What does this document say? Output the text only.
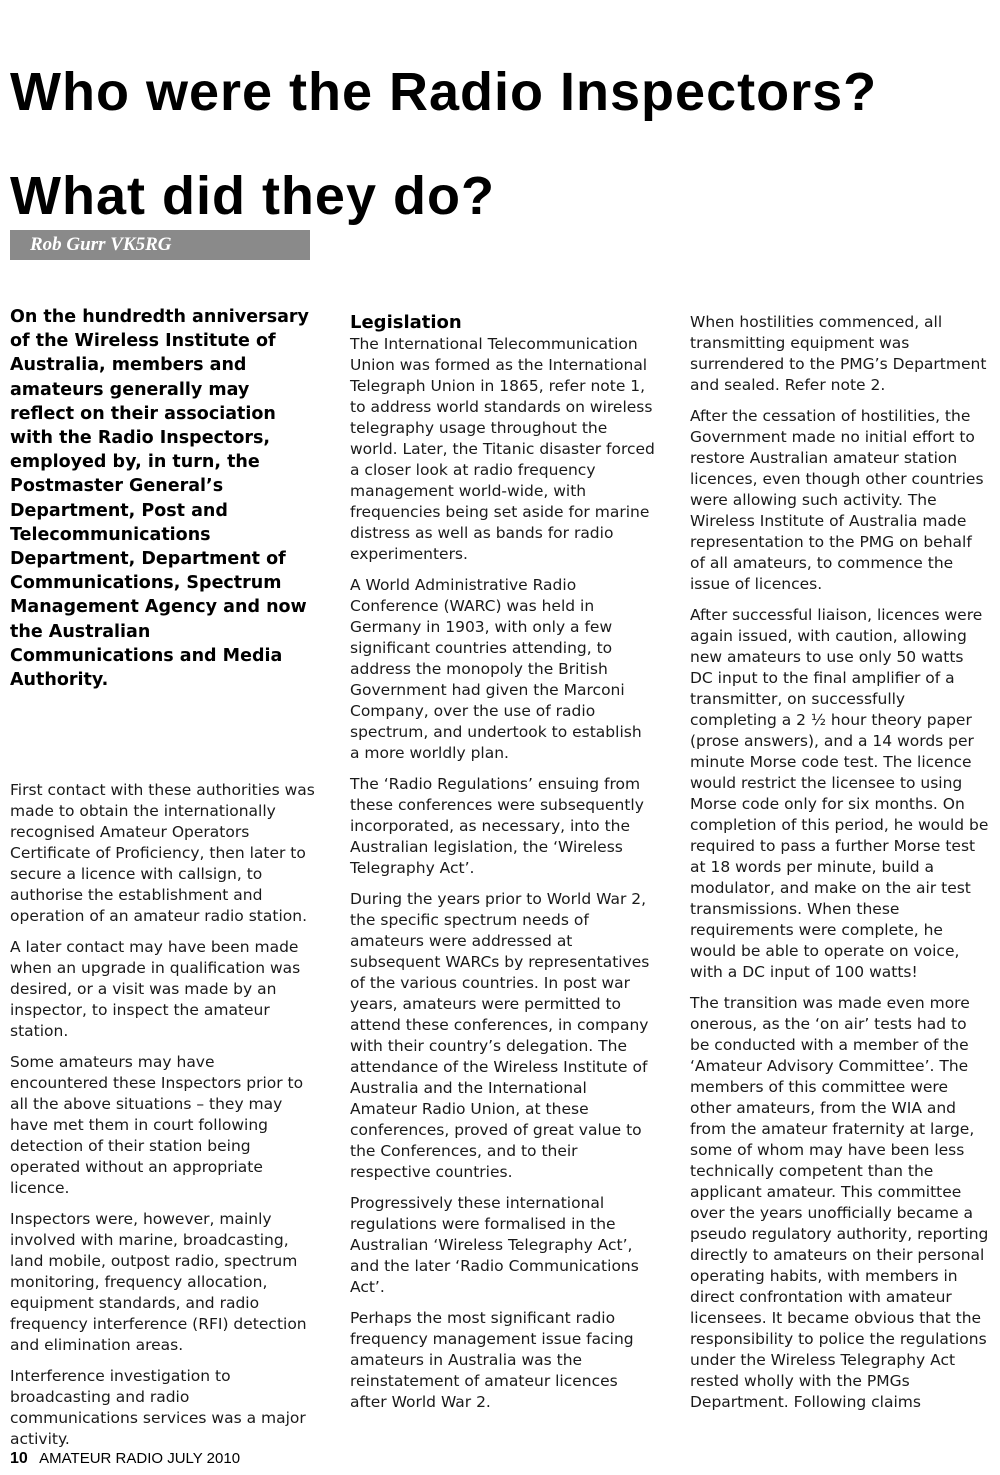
Who were the Radio Inspectors?
What did they do?
Rob Gurr VK5RG

On the hundredth anniversary of the Wireless Institute of Australia, members and amateurs generally may reflect on their association with the Radio Inspectors, employed by, in turn, the Postmaster General’s Department, Post and Telecommunications Department, Department of Communications, Spectrum Management Agency and now the Australian Communications and Media Authority.

First contact with these authorities was made to obtain the internationally recognised Amateur Operators Certificate of Proficiency, then later to secure a licence with callsign, to authorise the establishment and operation of an amateur radio station.

A later contact may have been made when an upgrade in qualification was desired, or a visit was made by an inspector, to inspect the amateur station.

Some amateurs may have encountered these Inspectors prior to all the above situations – they may have met them in court following detection of their station being operated without an appropriate licence.

Inspectors were, however, mainly involved with marine, broadcasting, land mobile, outpost radio, spectrum monitoring, frequency allocation, equipment standards, and radio frequency interference (RFI) detection and elimination areas.

Interference investigation to broadcasting and radio communications services was a major activity.

Legislation

The International Telecommunication Union was formed as the International Telegraph Union in 1865, refer note 1, to address world standards on wireless telegraphy usage throughout the world. Later, the Titanic disaster forced a closer look at radio frequency management world-wide, with frequencies being set aside for marine distress as well as bands for radio experimenters.

A World Administrative Radio Conference (WARC) was held in Germany in 1903, with only a few significant countries attending, to address the monopoly the British Government had given the Marconi Company, over the use of radio spectrum, and undertook to establish a more worldly plan.

The ‘Radio Regulations’ ensuing from these conferences were subsequently incorporated, as necessary, into the Australian legislation, the ‘Wireless Telegraphy Act’.

During the years prior to World War 2, the specific spectrum needs of amateurs were addressed at subsequent WARCs by representatives of the various countries. In post war years, amateurs were permitted to attend these conferences, in company with their country’s delegation. The attendance of the Wireless Institute of Australia and the International Amateur Radio Union, at these conferences, proved of great value to the Conferences, and to their respective countries.

Progressively these international regulations were formalised in the Australian ‘Wireless Telegraphy Act’, and the later ‘Radio Communications Act’.

Perhaps the most significant radio frequency management issue facing amateurs in Australia was the reinstatement of amateur licences after World War 2.

When hostilities commenced, all transmitting equipment was surrendered to the PMG’s Department and sealed. Refer note 2.

After the cessation of hostilities, the Government made no initial effort to restore Australian amateur station licences, even though other countries were allowing such activity. The Wireless Institute of Australia made representation to the PMG on behalf of all amateurs, to commence the issue of licences.

After successful liaison, licences were again issued, with caution, allowing new amateurs to use only 50 watts DC input to the final amplifier of a transmitter, on successfully completing a 2 ½ hour theory paper (prose answers), and a 14 words per minute Morse code test. The licence would restrict the licensee to using Morse code only for six months. On completion of this period, he would be required to pass a further Morse test at 18 words per minute, build a modulator, and make on the air test transmissions. When these requirements were complete, he would be able to operate on voice, with a DC input of 100 watts!

The transition was made even more onerous, as the ‘on air’ tests had to be conducted with a member of the ‘Amateur Advisory Committee’. The members of this committee were other amateurs, from the WIA and from the amateur fraternity at large, some of whom may have been less technically competent than the applicant amateur. This committee over the years unofficially became a pseudo regulatory authority, reporting directly to amateurs on their personal operating habits, with members in direct confrontation with amateur licensees. It became obvious that the responsibility to police the regulations under the Wireless Telegraphy Act rested wholly with the PMGs Department. Following claims

10 AMATEUR RADIO JULY 2010
